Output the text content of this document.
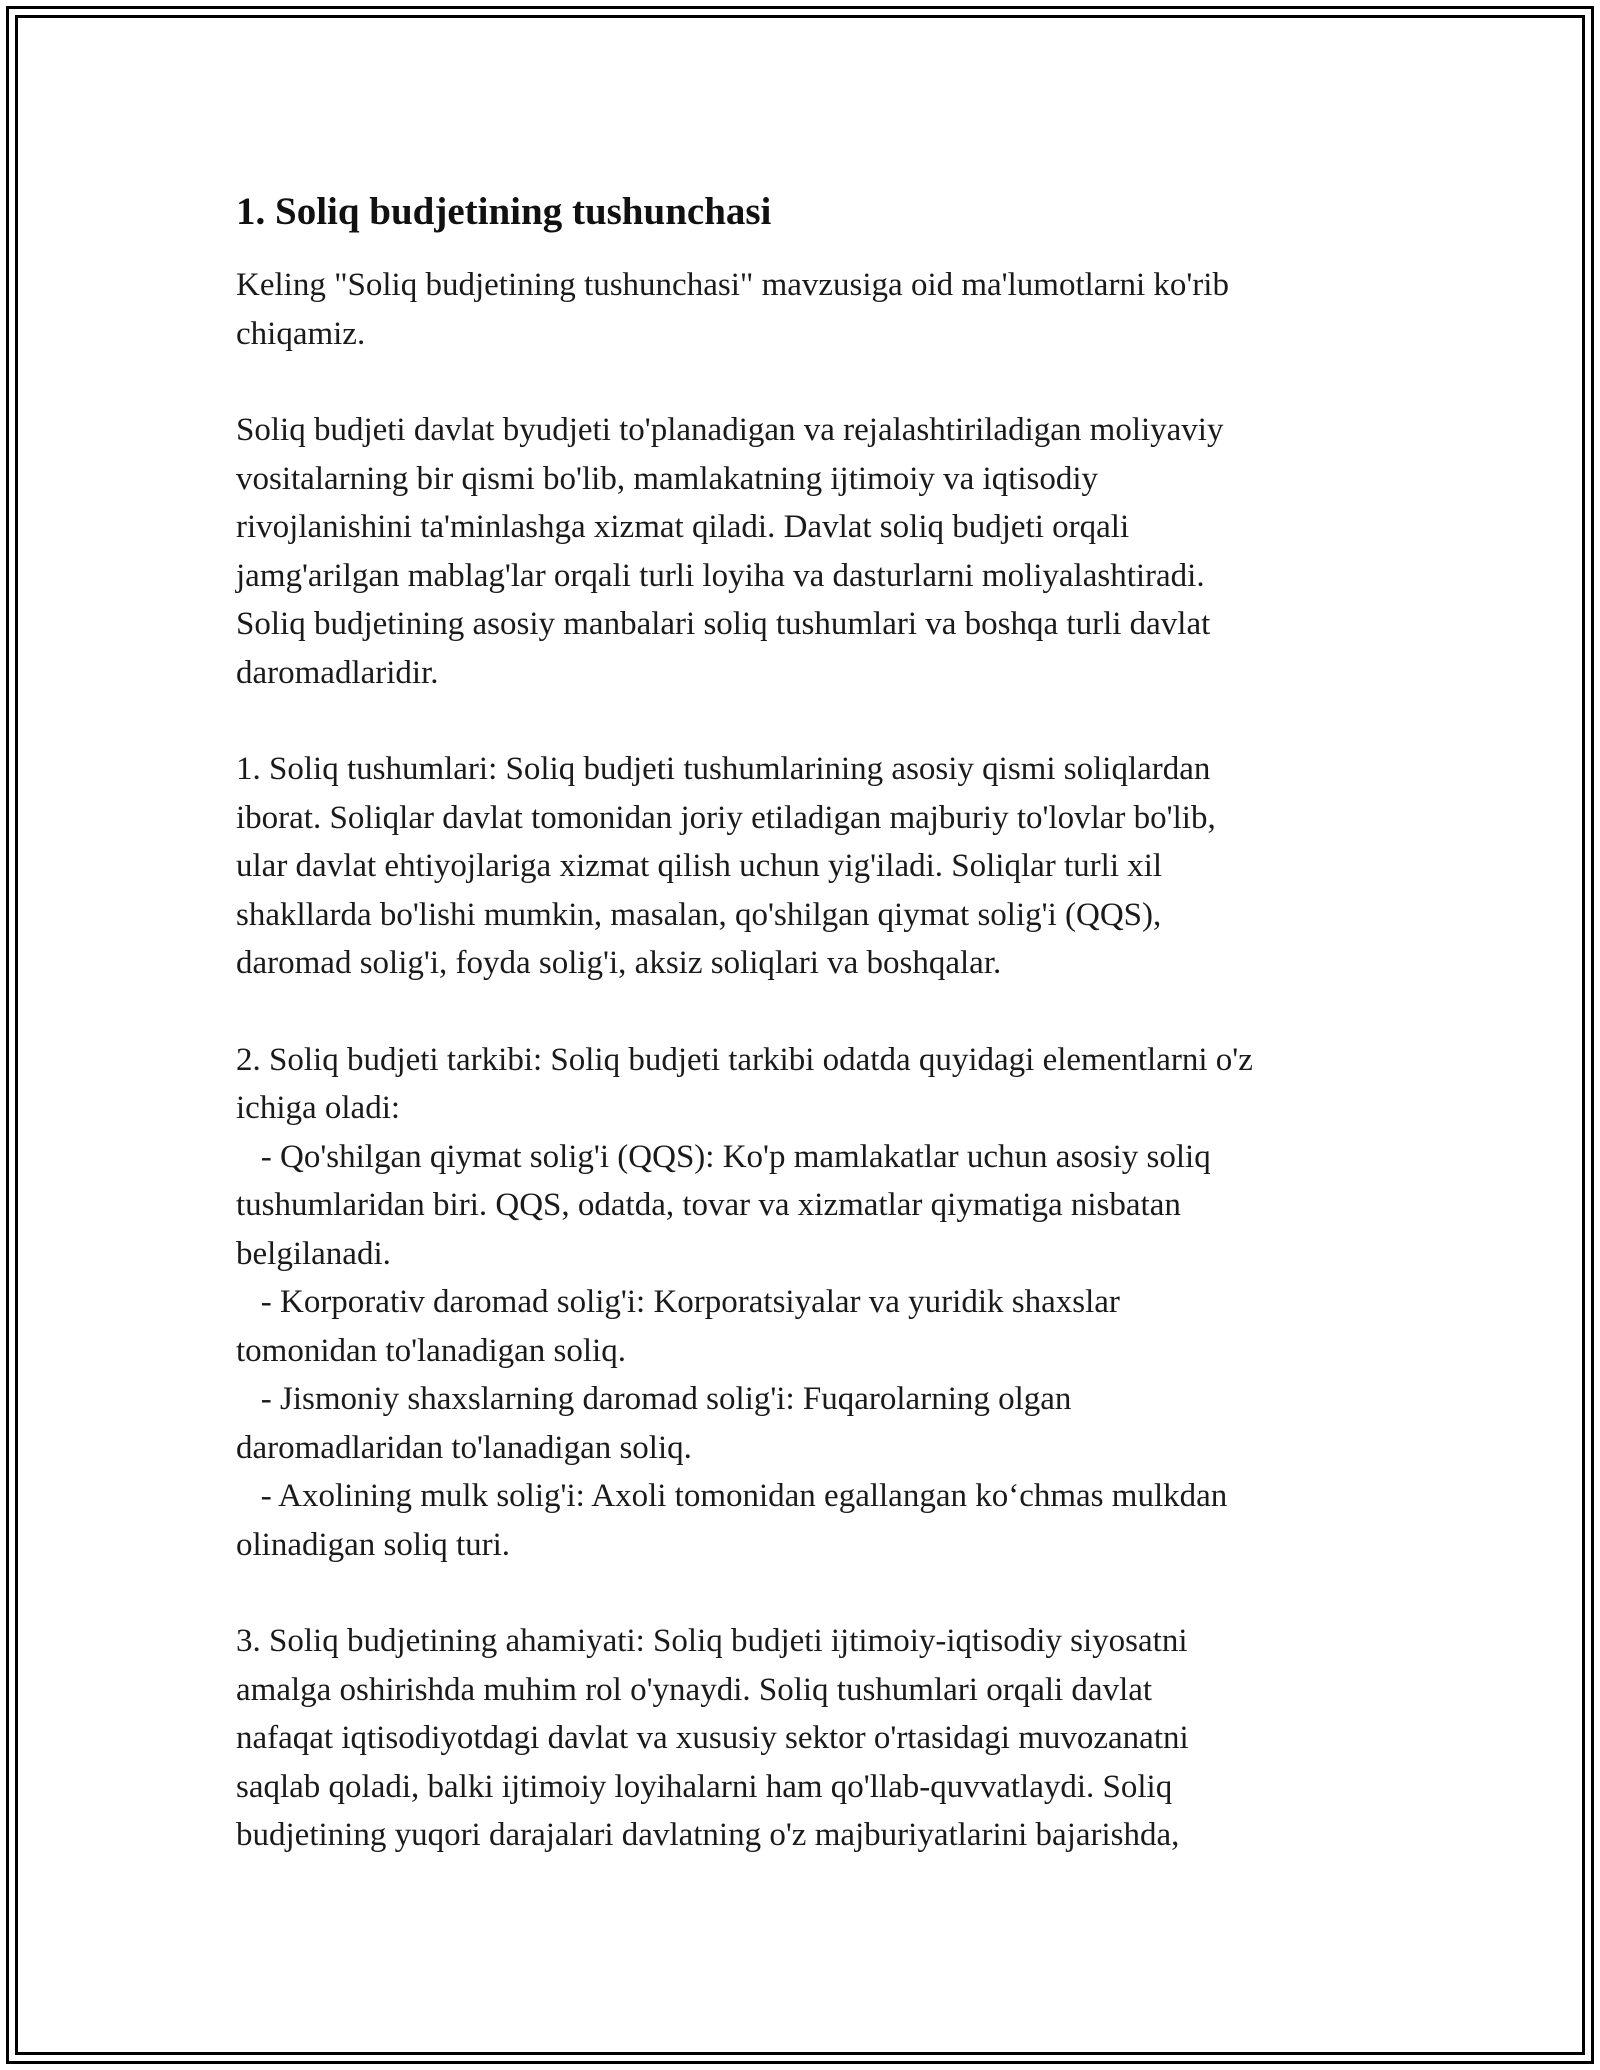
1. Soliq budjetining tushunchasi

Keling "Soliq budjetining tushunchasi" mavzusiga oid ma'lumotlarni ko'rib
chiqamiz.

Soliq budjeti davlat byudjeti to'planadigan va rejalashtiriladigan moliyaviy
vositalarning bir qismi bo'lib, mamlakatning ijtimoiy va iqtisodiy
rivojlanishini ta'minlashga xizmat qiladi. Davlat soliq budjeti orqali
jamg'arilgan mablag'lar orqali turli loyiha va dasturlarni moliyalashtiradi.
Soliq budjetining asosiy manbalari soliq tushumlari va boshqa turli davlat
daromadlaridir.

1. Soliq tushumlari: Soliq budjeti tushumlarining asosiy qismi soliqlardan
iborat. Soliqlar davlat tomonidan joriy etiladigan majburiy to'lovlar bo'lib,
ular davlat ehtiyojlariga xizmat qilish uchun yig'iladi. Soliqlar turli xil
shakllarda bo'lishi mumkin, masalan, qo'shilgan qiymat solig'i (QQS),
daromad solig'i, foyda solig'i, aksiz soliqlari va boshqalar.

2. Soliq budjeti tarkibi: Soliq budjeti tarkibi odatda quyidagi elementlarni o'z
ichiga oladi:
- Qo'shilgan qiymat solig'i (QQS): Ko'p mamlakatlar uchun asosiy soliq
tushumlaridan biri. QQS, odatda, tovar va xizmatlar qiymatiga nisbatan
belgilanadi.
- Korporativ daromad solig'i: Korporatsiyalar va yuridik shaxslar
tomonidan to'lanadigan soliq.
- Jismoniy shaxslarning daromad solig'i: Fuqarolarning olgan
daromadlaridan to'lanadigan soliq.
- Axolining mulk solig'i: Axoli tomonidan egallangan ko‘chmas mulkdan
olinadigan soliq turi.

3. Soliq budjetining ahamiyati: Soliq budjeti ijtimoiy-iqtisodiy siyosatni
amalga oshirishda muhim rol o'ynaydi. Soliq tushumlari orqali davlat
nafaqat iqtisodiyotdagi davlat va xususiy sektor o'rtasidagi muvozanatni
saqlab qoladi, balki ijtimoiy loyihalarni ham qo'llab-quvvatlaydi. Soliq
budjetining yuqori darajalari davlatning o'z majburiyatlarini bajarishda,
